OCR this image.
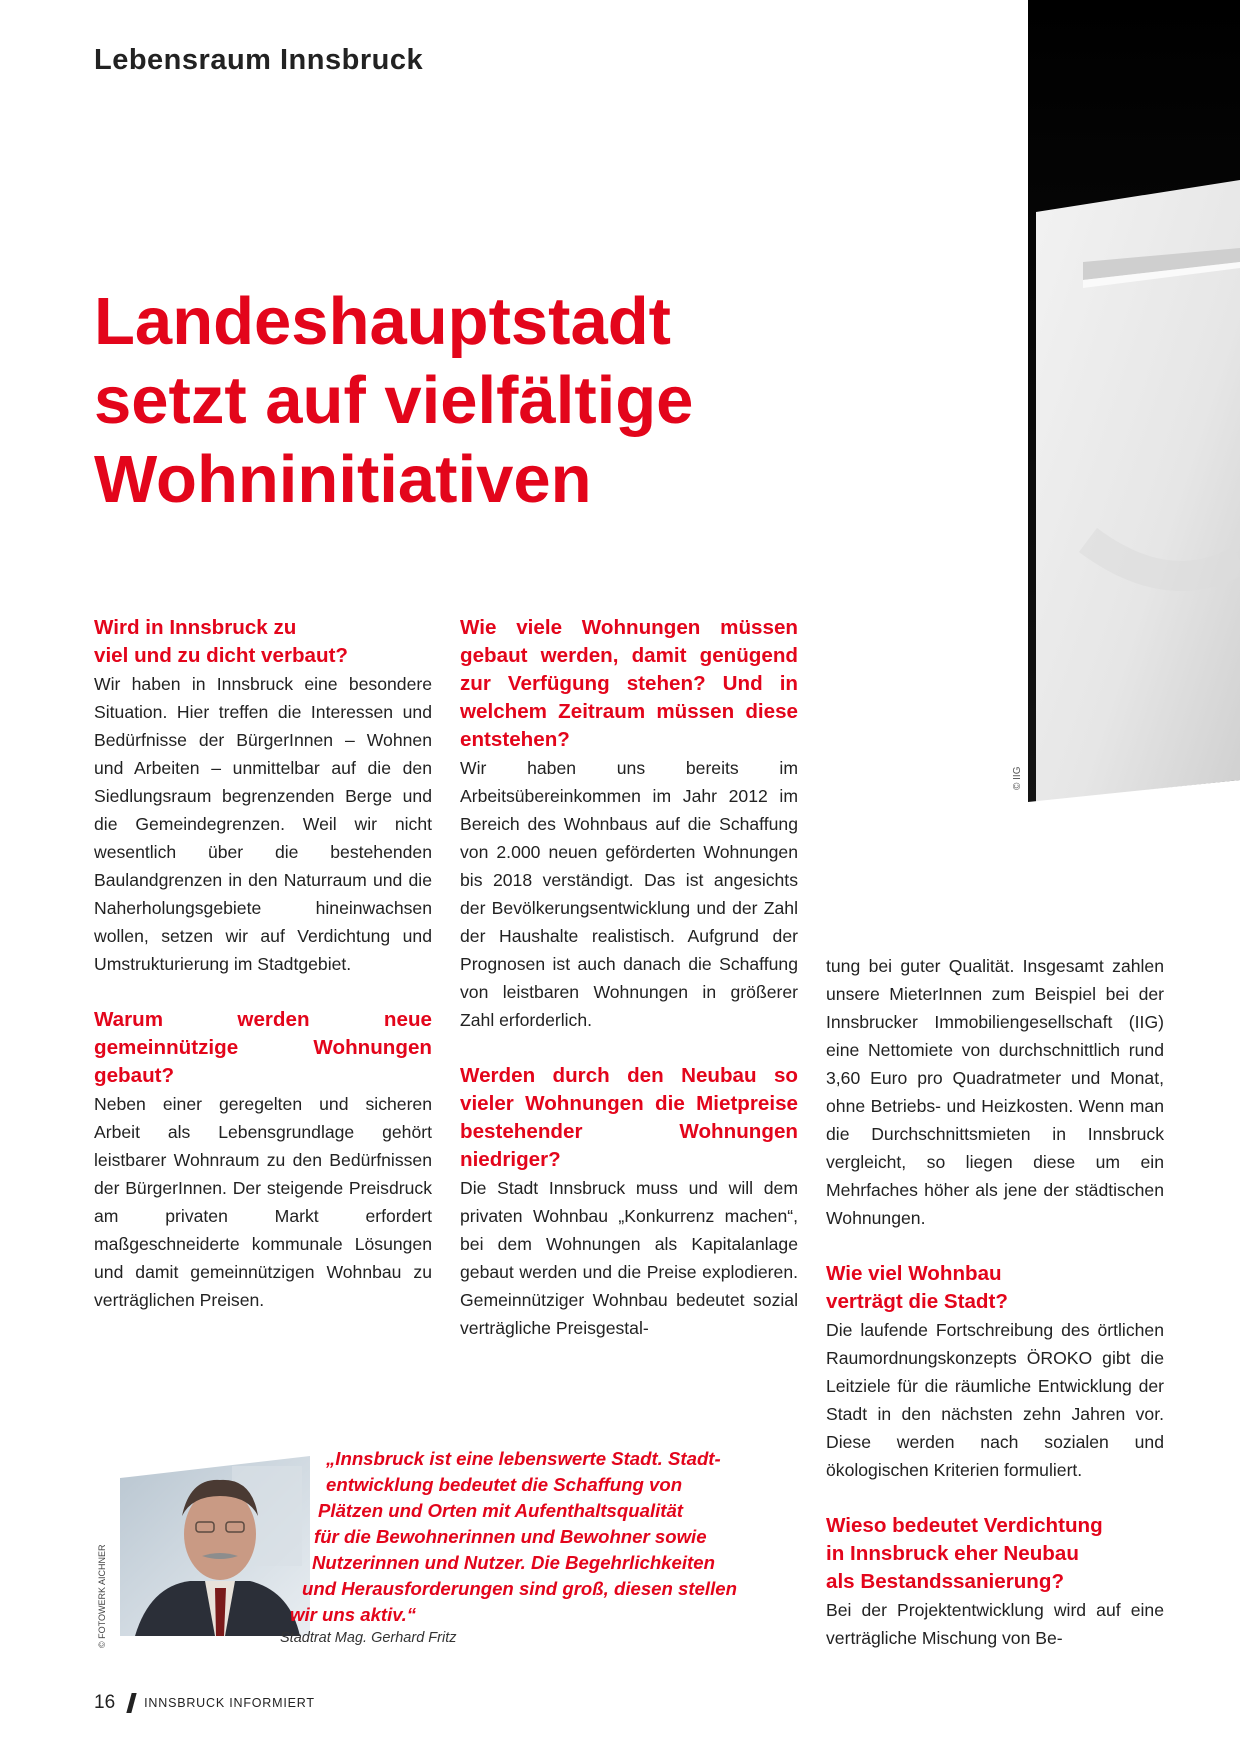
Lebensraum Innsbruck
© IIG
Landeshauptstadt
setzt auf vielfältige
Wohninitiativen
Wird in Innsbruck zu
viel und zu dicht verbaut?

Wir haben in Innsbruck eine besondere Situation. Hier treffen die Interessen und Bedürfnisse der BürgerInnen – Wohnen und Arbeiten – unmittelbar auf die den Siedlungsraum begrenzenden Berge und die Gemeindegrenzen. Weil wir nicht wesentlich über die bestehenden Baulandgrenzen in den Naturraum und die Naherholungsgebiete hineinwachsen wollen, setzen wir auf Verdichtung und Umstrukturierung im Stadtgebiet.

Warum werden neue gemeinnützige Wohnungen gebaut?

Neben einer geregelten und sicheren Arbeit als Lebensgrundlage gehört leistbarer Wohnraum zu den Bedürfnissen der BürgerInnen. Der steigende Preisdruck am privaten Markt erfordert maßgeschneiderte kommunale Lösungen und damit gemeinnützigen Wohnbau zu verträglichen Preisen.

Wie viele Wohnungen müssen gebaut werden, damit genügend zur Verfügung stehen? Und in welchem Zeitraum müssen diese entstehen?

Wir haben uns bereits im Arbeitsübereinkommen im Jahr 2012 im Bereich des Wohnbaus auf die Schaffung von 2.000 neuen geförderten Wohnungen bis 2018 verständigt. Das ist angesichts der Bevölkerungsentwicklung und der Zahl der Haushalte realistisch. Aufgrund der Prognosen ist auch danach die Schaffung von leistbaren Wohnungen in größerer Zahl erforderlich.

Werden durch den Neubau so vieler Wohnungen die Mietpreise bestehender Wohnungen niedriger?

Die Stadt Innsbruck muss und will dem privaten Wohnbau „Konkurrenz machen“, bei dem Wohnungen als Kapitalanlage gebaut werden und die Preise explodieren. Gemeinnütziger Wohnbau bedeutet sozial verträgliche Preisgestal-

tung bei guter Qualität. Insgesamt zahlen unsere MieterInnen zum Beispiel bei der Innsbrucker Immobiliengesellschaft (IIG) eine Nettomiete von durchschnittlich rund 3,60 Euro pro Quadratmeter und Monat, ohne Betriebs- und Heizkosten. Wenn man die Durchschnittsmieten in Innsbruck vergleicht, so liegen diese um ein Mehrfaches höher als jene der städtischen Wohnungen.

Wie viel Wohnbau
verträgt die Stadt?

Die laufende Fortschreibung des örtlichen Raumordnungskonzepts ÖROKO gibt die Leitziele für die räumliche Entwicklung der Stadt in den nächsten zehn Jahren vor. Diese werden nach sozialen und ökologischen Kriterien formuliert.

Wieso bedeutet Verdichtung
in Innsbruck eher Neubau
als Bestandssanierung?

Bei der Projektentwicklung wird auf eine verträgliche Mischung von Be-

© FOTOWERK AICHNER
„Innsbruck ist eine lebenswerte Stadt. Stadt-
entwicklung bedeutet die Schaffung von
Plätzen und Orten mit Aufenthaltsqualität
für die Bewohnerinnen und Bewohner sowie
Nutzerinnen und Nutzer. Die Begehrlichkeiten
und Herausforderungen sind groß, diesen stellen
wir uns aktiv.“
Stadtrat Mag. Gerhard Fritz
16 INNSBRUCK INFORMIERT
